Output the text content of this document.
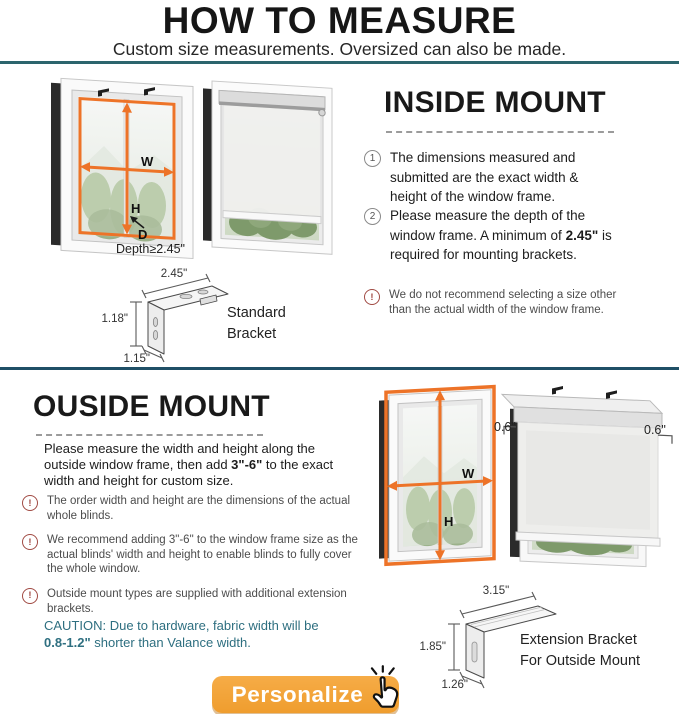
HOW TO MEASURE
Custom size measurements. Oversized can also be made.
W
H
D
Depth≥2.45"
INSIDE MOUNT
1	The dimensions measured and submitted are the exact width & height of the window frame.

2	Please measure the depth of the window frame. A minimum of 2.45" is required for mounting brackets.

!	We do not recommend selecting a size other than the actual width of the window frame.

2.45"
1.18"
1.15"
Standard Bracket
OUSIDE MOUNT

Please measure the width and height along the outside window frame, then add 3"-6" to the exact width and height for custom size.

!	The order width and height are the dimensions of the actual whole blinds.

!	We recommend adding 3"-6" to the window frame size as the actual blinds' width and height to enable blinds to fully cover the whole window.

!	Outside mount types are supplied with additional extension brackets.

CAUTION: Due to hardware, fabric width will be 0.8-1.2" shorter than Valance width.

W
H
0.6"	0.6"
3.15"
1.85"
1.26"
Extension Bracket For Outside Mount
Personalize
